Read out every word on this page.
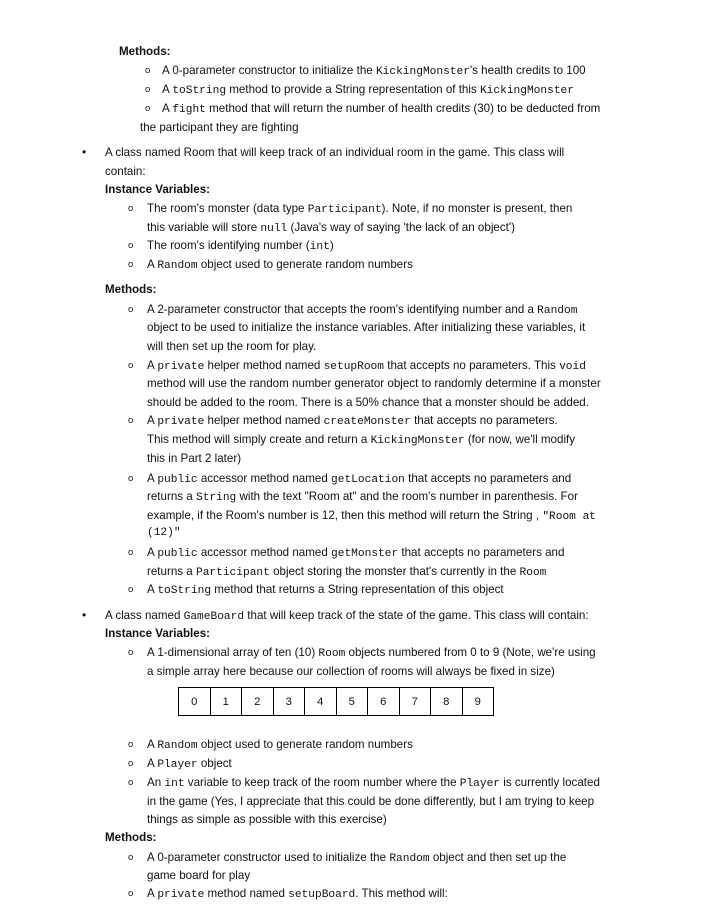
Methods:
o A 0-parameter constructor to initialize the KickingMonster's health credits to 100
o A toString method to provide a String representation of this KickingMonster
o A fight method that will return the number of health credits (30) to be deducted from
the participant they are fighting
• A class named Room that will keep track of an individual room in the game. This class will
contain:
Instance Variables:
o The room's monster (data type Participant). Note, if no monster is present, then
this variable will store null (Java's way of saying 'the lack of an object')
o The room's identifying number (int)
o A Random object used to generate random numbers
Methods:
o A 2-parameter constructor that accepts the room's identifying number and a Random
object to be used to initialize the instance variables. After initializing these variables, it
will then set up the room for play.
o A private helper method named setupRoom that accepts no parameters. This void
method will use the random number generator object to randomly determine if a monster
should be added to the room. There is a 50% chance that a monster should be added.
o A private helper method named createMonster that accepts no parameters.
This method will simply create and return a KickingMonster (for now, we'll modify
this in Part 2 later)
o A public accessor method named getLocation that accepts no parameters and
returns a String with the text "Room at" and the room's number in parenthesis. For
example, if the Room's number is 12, then this method will return the String , "Room at
(12)"
o A public accessor method named getMonster that accepts no parameters and
returns a Participant object storing the monster that's currently in the Room
o A toString method that returns a String representation of this object
• A class named GameBoard that will keep track of the state of the game. This class will contain:
Instance Variables:
o A 1-dimensional array of ten (10) Room objects numbered from 0 to 9 (Note, we're using
a simple array here because our collection of rooms will always be fixed in size)
0	1	2	3	4	5	6	7	8	9
o A Random object used to generate random numbers
o A Player object
o An int variable to keep track of the room number where the Player is currently located
in the game (Yes, I appreciate that this could be done differently, but I am trying to keep
things as simple as possible with this exercise)
Methods:
o A 0-parameter constructor used to initialize the Random object and then set up the
game board for play
o A private method named setupBoard. This method will:
